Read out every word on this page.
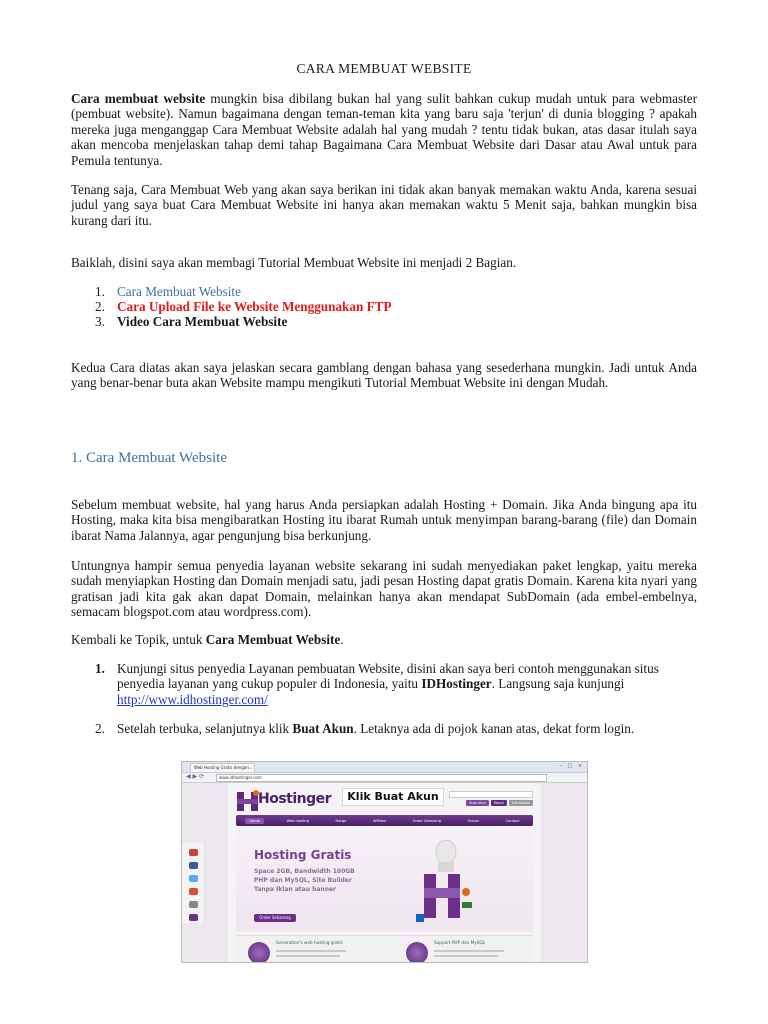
CARA MEMBUAT WEBSITE

Cara membuat website mungkin bisa dibilang bukan hal yang sulit bahkan cukup mudah untuk para webmaster (pembuat website). Namun bagaimana dengan teman-teman kita yang baru saja 'terjun' di dunia blogging ? apakah mereka juga menganggap Cara Membuat Website adalah hal yang mudah ? tentu tidak bukan, atas dasar itulah saya akan mencoba menjelaskan tahap demi tahap Bagaimana Cara Membuat Website dari Dasar atau Awal untuk para Pemula tentunya.

Tenang saja, Cara Membuat Web yang akan saya berikan ini tidak akan banyak memakan waktu Anda, karena sesuai judul yang saya buat Cara Membuat Website ini hanya akan memakan waktu 5 Menit saja, bahkan mungkin bisa kurang dari itu.

Baiklah, disini saya akan membagi Tutorial Membuat Website ini menjadi 2 Bagian.

1. Cara Membuat Website
2. Cara Upload File ke Website Menggunakan FTP
3. Video Cara Membuat Website

Kedua Cara diatas akan saya jelaskan secara gamblang dengan bahasa yang sesederhana mungkin. Jadi untuk Anda yang benar-benar buta akan Website mampu mengikuti Tutorial Membuat Website ini dengan Mudah.

1. Cara Membuat Website

Sebelum membuat website, hal yang harus Anda persiapkan adalah Hosting + Domain. Jika Anda bingung apa itu Hosting, maka kita bisa mengibaratkan Hosting itu ibarat Rumah untuk menyimpan barang-barang (file) dan Domain ibarat Nama Jalannya, agar pengunjung bisa berkunjung.

Untungnya hampir semua penyedia layanan website sekarang ini sudah menyediakan paket lengkap, yaitu mereka sudah menyiapkan Hosting dan Domain menjadi satu, jadi pesan Hosting dapat gratis Domain. Karena kita nyari yang gratisan jadi kita gak akan dapat Domain, melainkan hanya akan mendapat SubDomain (ada embel-embelnya, semacam blogspot.com atau wordpress.com).

Kembali ke Topik, untuk Cara Membuat Website.

1. Kunjungi situs penyedia Layanan pembuatan Website, disini akan saya beri contoh menggunakan situs penyedia layanan yang cukup populer di Indonesia, yaitu IDHostinger. Langsung saja kunjungi http://www.idhostinger.com/
2. Setelah terbuka, selanjutnya klik Buat Akun. Letaknya ada di pojok kanan atas, dekat form login.
Web Hosting Gratis dengan...	– □ ×
◀ ▶ ⟳	www.idhostinger.com
Hostinger	Klik Buat Akun	Buat Akun	Masuk	Info Kontak
Home	Web hosting	Harga	Affiliasi	Order Sekarang	Forum	Contact
Hosting Gratis
Space 2GB, Bandwidth 100GB
PHP dan MySQL, Site Builder
Tanpa Iklan atau banner
Order Sekarang
Generation's web hosting gratis	Support PHP dan MySQL
